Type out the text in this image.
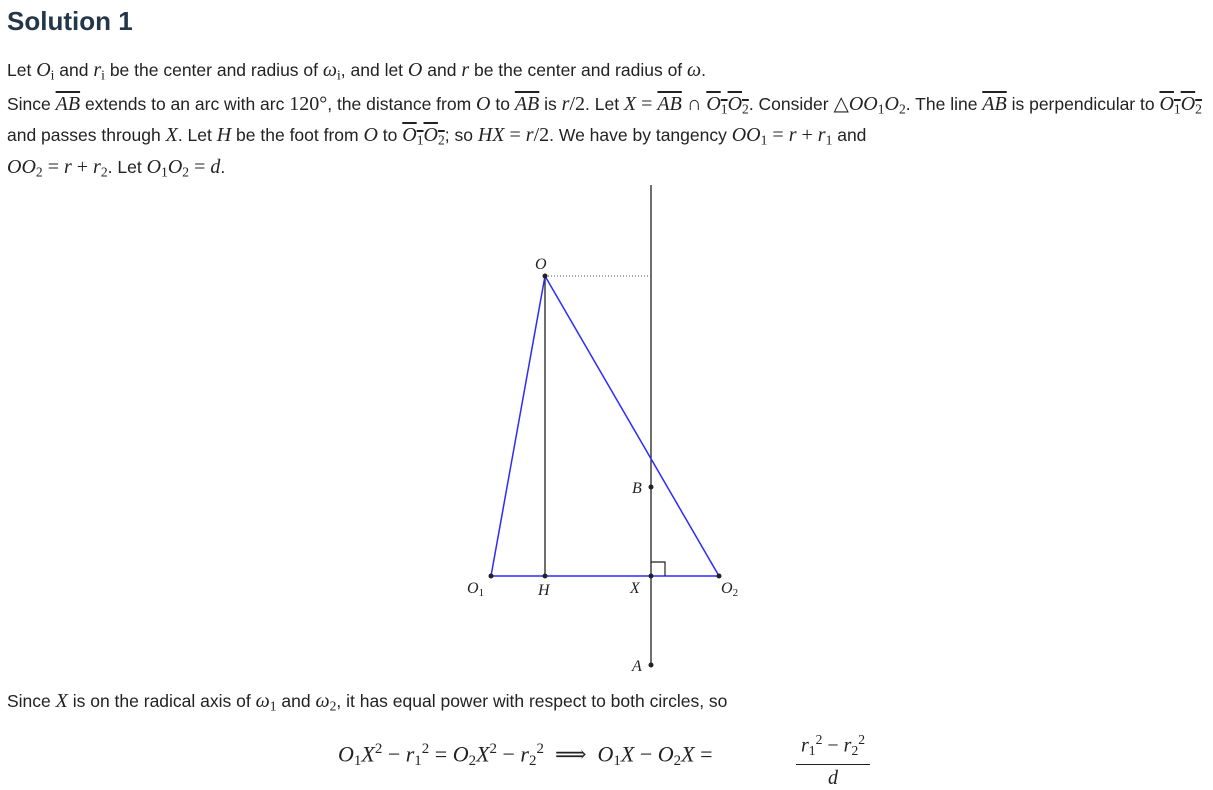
Solution 1

Let $O_i$ and $r_i$ be the center and radius of $\omega_i$, and let O and r be the center and radius of ω.

Since $\overline{AB}$ extends to an arc with arc 120°, the distance from O to $\overline{AB}$ is r/2. Let $X = \overline{AB}$ ∩ $O_1O_2$. Consider $\triangle OO_1O_2$. The line $\overline{AB}$ is perpendicular to $O_1O_2$ and passes through X. Let H be the foot from O to $O_1O_2$; so HX = r/2. We have by tangency $OO_1 = r + r_1$ and
$OO_2 = r + r_2$. Let $O_1O_2 = d$.

O
O1	H	X	O2
B
A

Since X is on the radical axis of $\omega_1$ and $\omega_2$, it has equal power with respect to both circles, so

$O_1X^2 - r_1^2 = O_2X^2 - r_2^2$  ⟹  $O_1X - O_2X$ =	$r_1^2 - r_2^2$
d
